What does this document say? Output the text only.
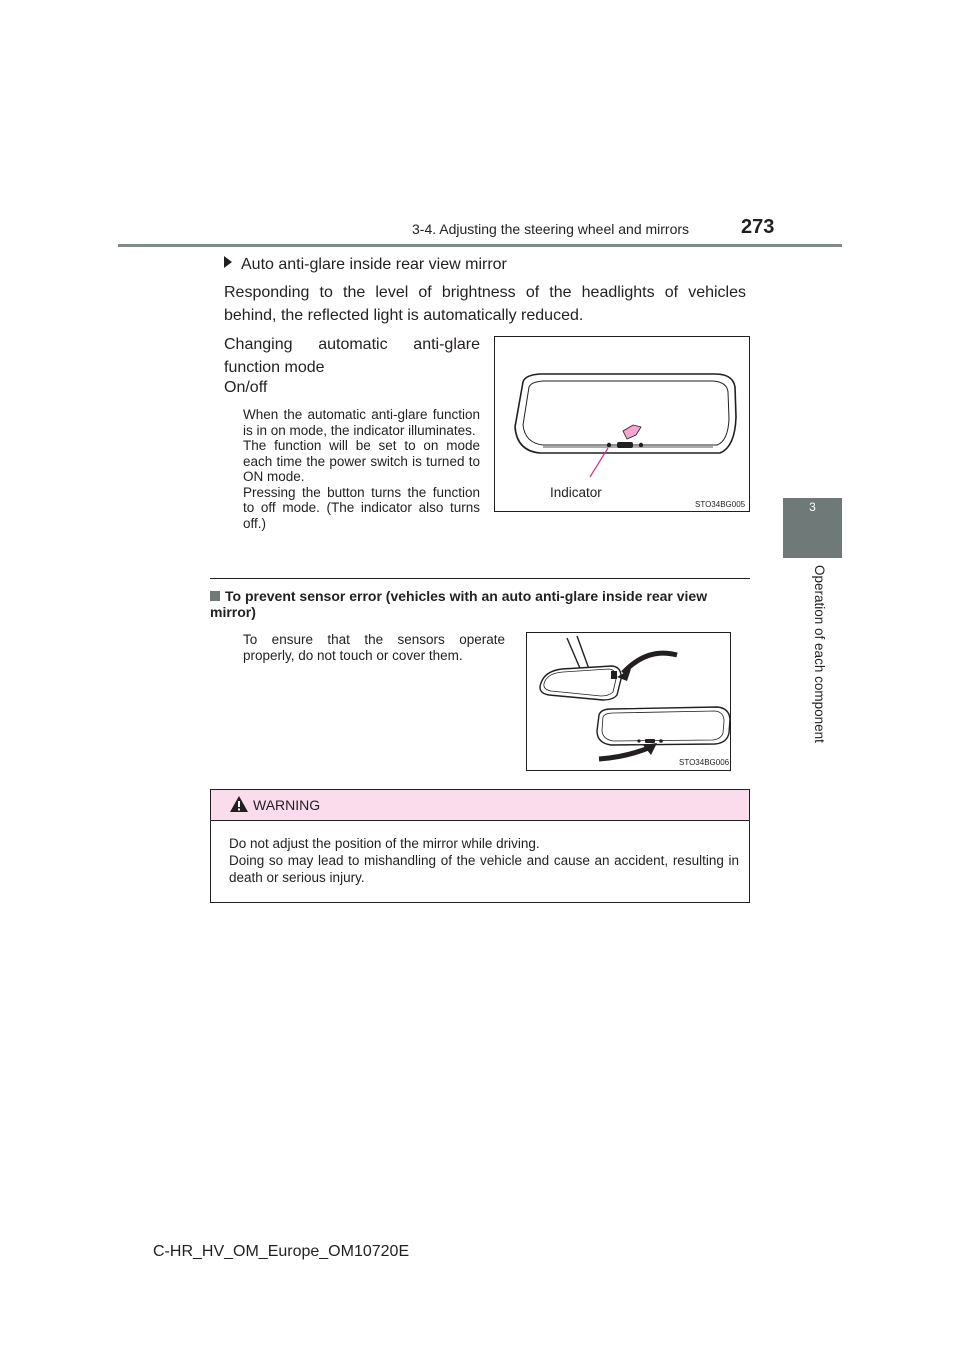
3-4. Adjusting the steering wheel and mirrors	273
3
Operation of each component
Auto anti-glare inside rear view mirror
Responding to the level of brightness of the headlights of vehicles behind, the reflected light is automatically reduced.
Changing automatic anti-glare function mode
On/off
When the automatic anti-glare function is in on mode, the indicator illuminates.
The function will be set to on mode each time the power switch is turned to ON mode.
Pressing the button turns the function to off mode. (The indicator also turns off.)
Indicator
STO34BG005
To prevent sensor error (vehicles with an auto anti-glare inside rear view mirror)
To ensure that the sensors operate properly, do not touch or cover them.
STO34BG006
WARNING
Do not adjust the position of the mirror while driving.
Doing so may lead to mishandling of the vehicle and cause an accident, resulting in death or serious injury.
C-HR_HV_OM_Europe_OM10720E
